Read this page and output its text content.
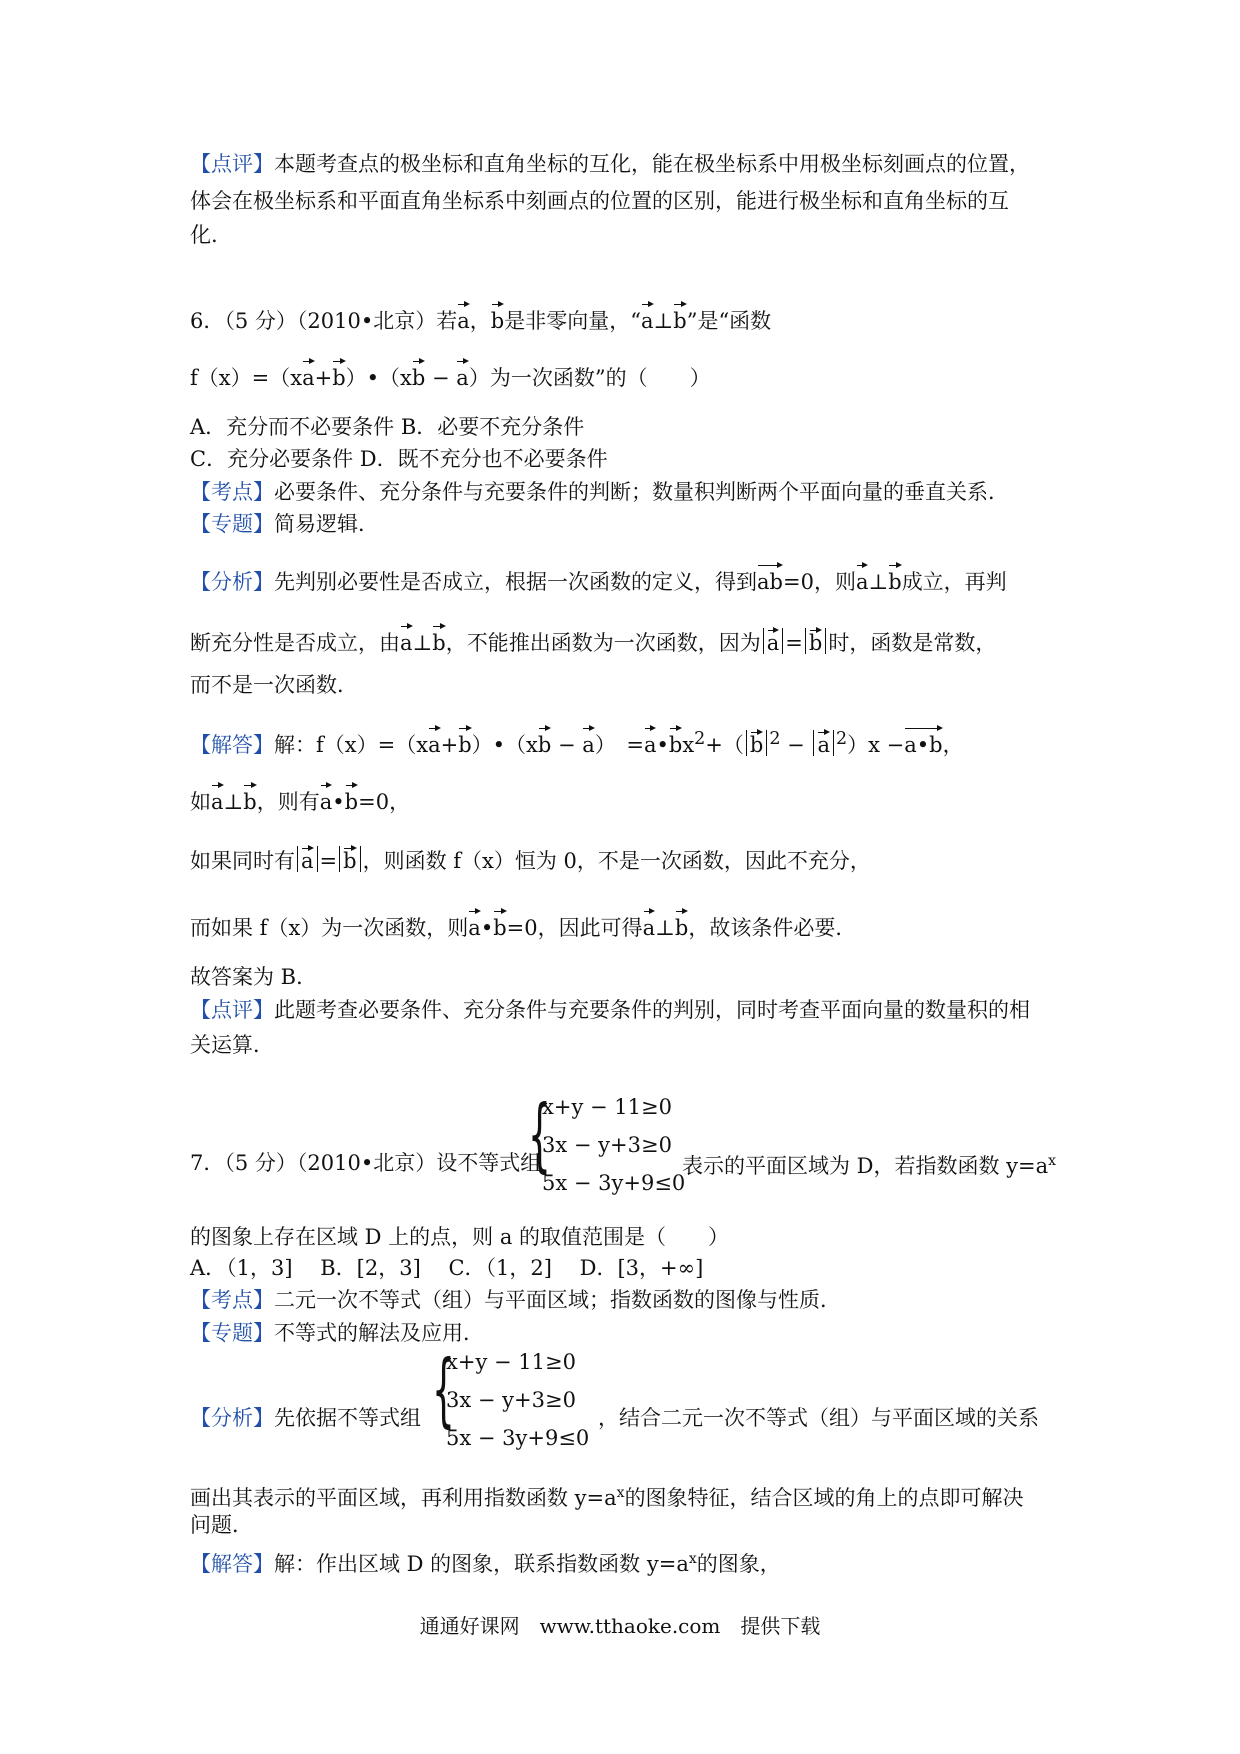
【点评】本题考查点的极坐标和直角坐标的互化，能在极坐标系中用极坐标刻画点的位置，
体会在极坐标系和平面直角坐标系中刻画点的位置的区别，能进行极坐标和直角坐标的互
化.
6．（5 分）（2010•北京）若a，b是非零向量，“a⊥b”是“函数
f（x）=（xa+b）•（xb − a）为一次函数”的（　　）
A．充分而不必要条件 B．必要不充分条件
C．充分必要条件 D．既不充分也不必要条件
【考点】必要条件、充分条件与充要条件的判断；数量积判断两个平面向量的垂直关系．
【专题】简易逻辑．
【分析】先判别必要性是否成立，根据一次函数的定义，得到ab=0，则a⊥b成立，再判
断充分性是否成立，由a⊥b，不能推出函数为一次函数，因为 a = b 时，函数是常数，
而不是一次函数．
【解答】解：f（x）=（xa+b）•（xb − a）　$=a•bx^2+$（ b $^2$ − a $^2$）x −a•b，
如a⊥b，则有a•b=0，
如果同时有 a = b ，则函数 f（x）恒为 0，不是一次函数，因此不充分，
而如果 f（x）为一次函数，则a•b=0，因此可得a⊥b，故该条件必要．
故答案为 B．
【点评】此题考查必要条件、充分条件与充要条件的判别，同时考查平面向量的数量积的相
关运算．
7．（5 分）（2010•北京）设不等式组
{
x+y − 11≥0
3x − y+3≥0
5x − 3y+9≤0
表示的平面区域为 D，若指数函数 $y=a^x$
的图象上存在区域 D 上的点，则 a 的取值范围是（　　）
A．（1，3]　 B．[2，3]　 C．（1，2]　 D．[3，+∞]
【考点】二元一次不等式（组）与平面区域；指数函数的图像与性质．
【专题】不等式的解法及应用．
【分析】先依据不等式组 {
x+y − 11≥0
3x − y+3≥0
5x − 3y+9≤0
，结合二元一次不等式（组）与平面区域的关系
画出其表示的平面区域，再利用指数函数 $y=a^x$的图象特征，结合区域的角上的点即可解决
问题．
【解答】解：作出区域 D 的图象，联系指数函数 $y=a^x$的图象，
通通好课网　www.tthaoke.com　提供下载
